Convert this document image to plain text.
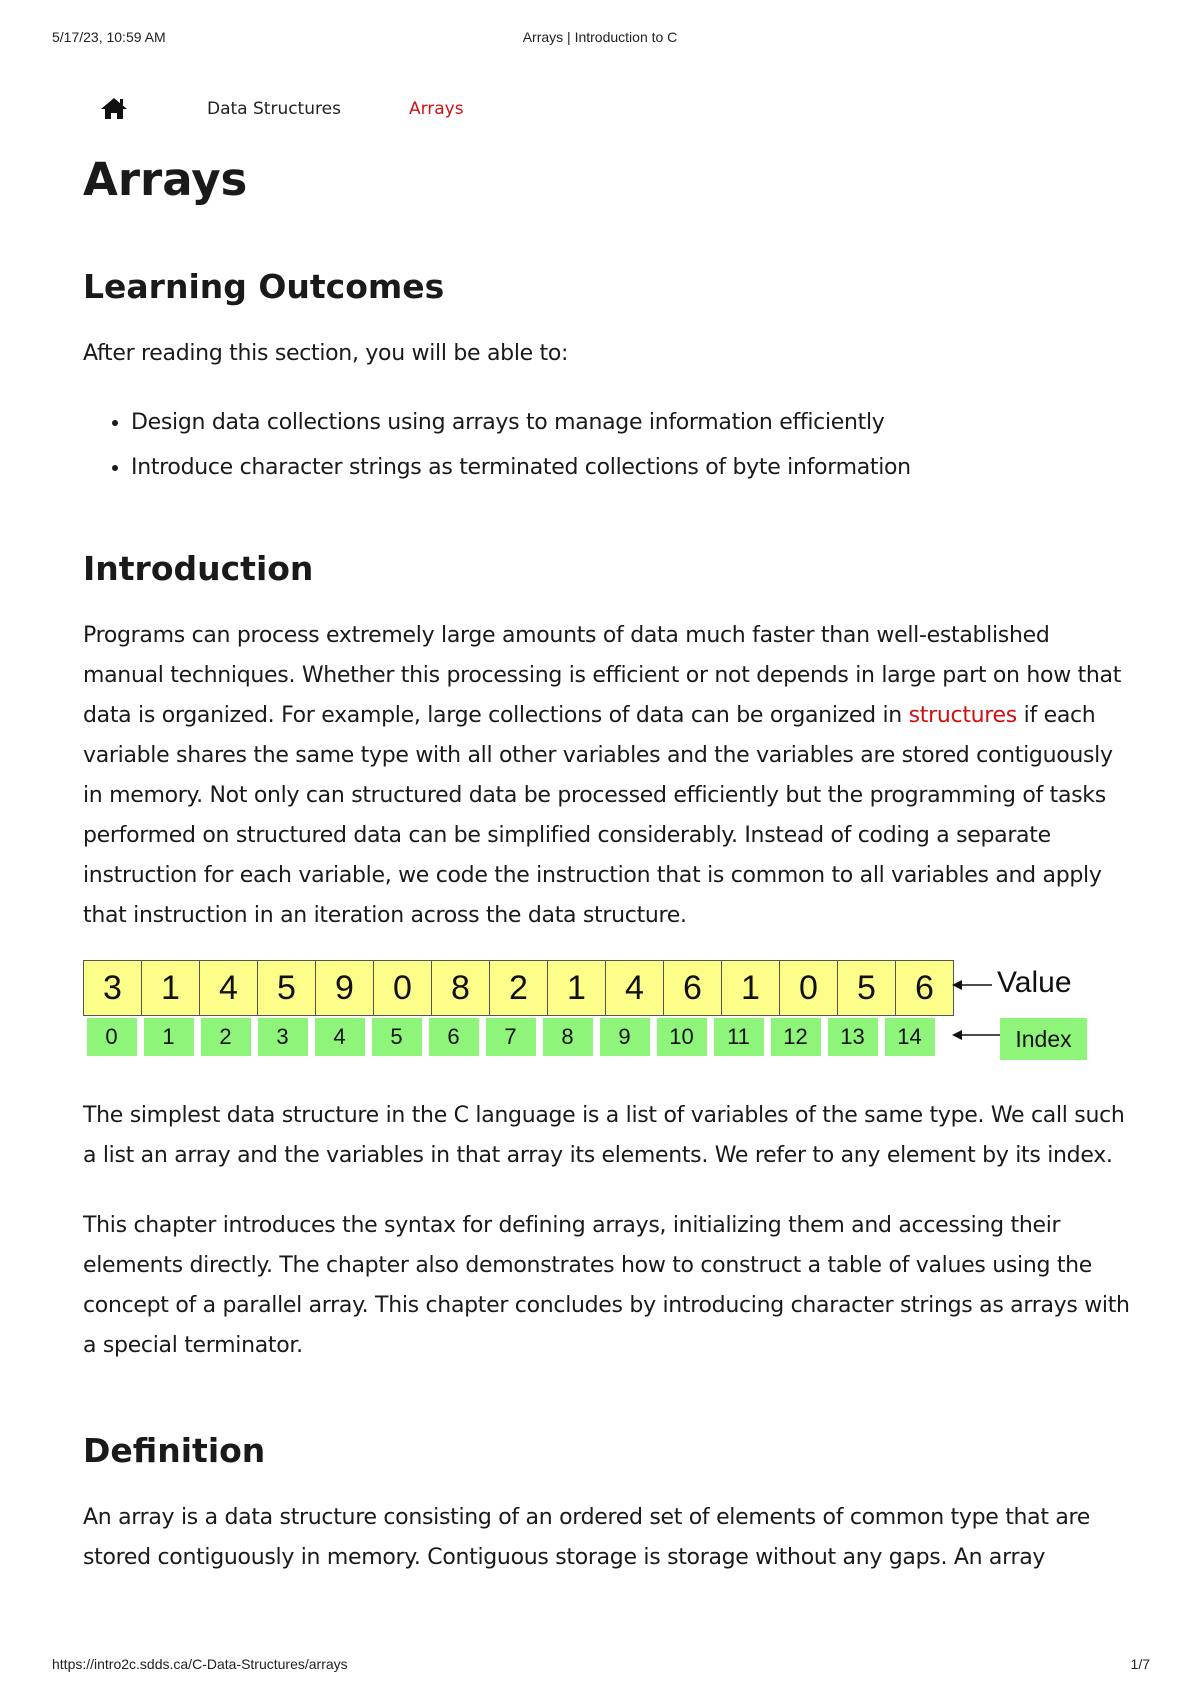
5/17/23, 10:59 AM	Arrays | Introduction to C
Data Structures	Arrays
Arrays
Learning Outcomes

After reading this section, you will be able to:

• Design data collections using arrays to manage information efficiently
• Introduce character strings as terminated collections of byte information
Introduction

Programs can process extremely large amounts of data much faster than well-established manual techniques. Whether this processing is efficient or not depends in large part on how that data is organized. For example, large collections of data can be organized in structures if each variable shares the same type with all other variables and the variables are stored contiguously in memory. Not only can structured data be processed efficiently but the programming of tasks performed on structured data can be simplified considerably. Instead of coding a separate instruction for each variable, we code the instruction that is common to all variables and apply that instruction in an iteration across the data structure.

3	1	4	5	9	0	8	2	1	4	6	1	0	5	6
0	1	2	3	4	5	6	7	8	9	10	11	12	13	14
Value
Index

The simplest data structure in the C language is a list of variables of the same type. We call such a list an array and the variables in that array its elements. We refer to any element by its index.

This chapter introduces the syntax for defining arrays, initializing them and accessing their elements directly. The chapter also demonstrates how to construct a table of values using the concept of a parallel array. This chapter concludes by introducing character strings as arrays with a special terminator.

Definition

An array is a data structure consisting of an ordered set of elements of common type that are stored contiguously in memory. Contiguous storage is storage without any gaps. An array

https://intro2c.sdds.ca/C-Data-Structures/arrays	1/7
